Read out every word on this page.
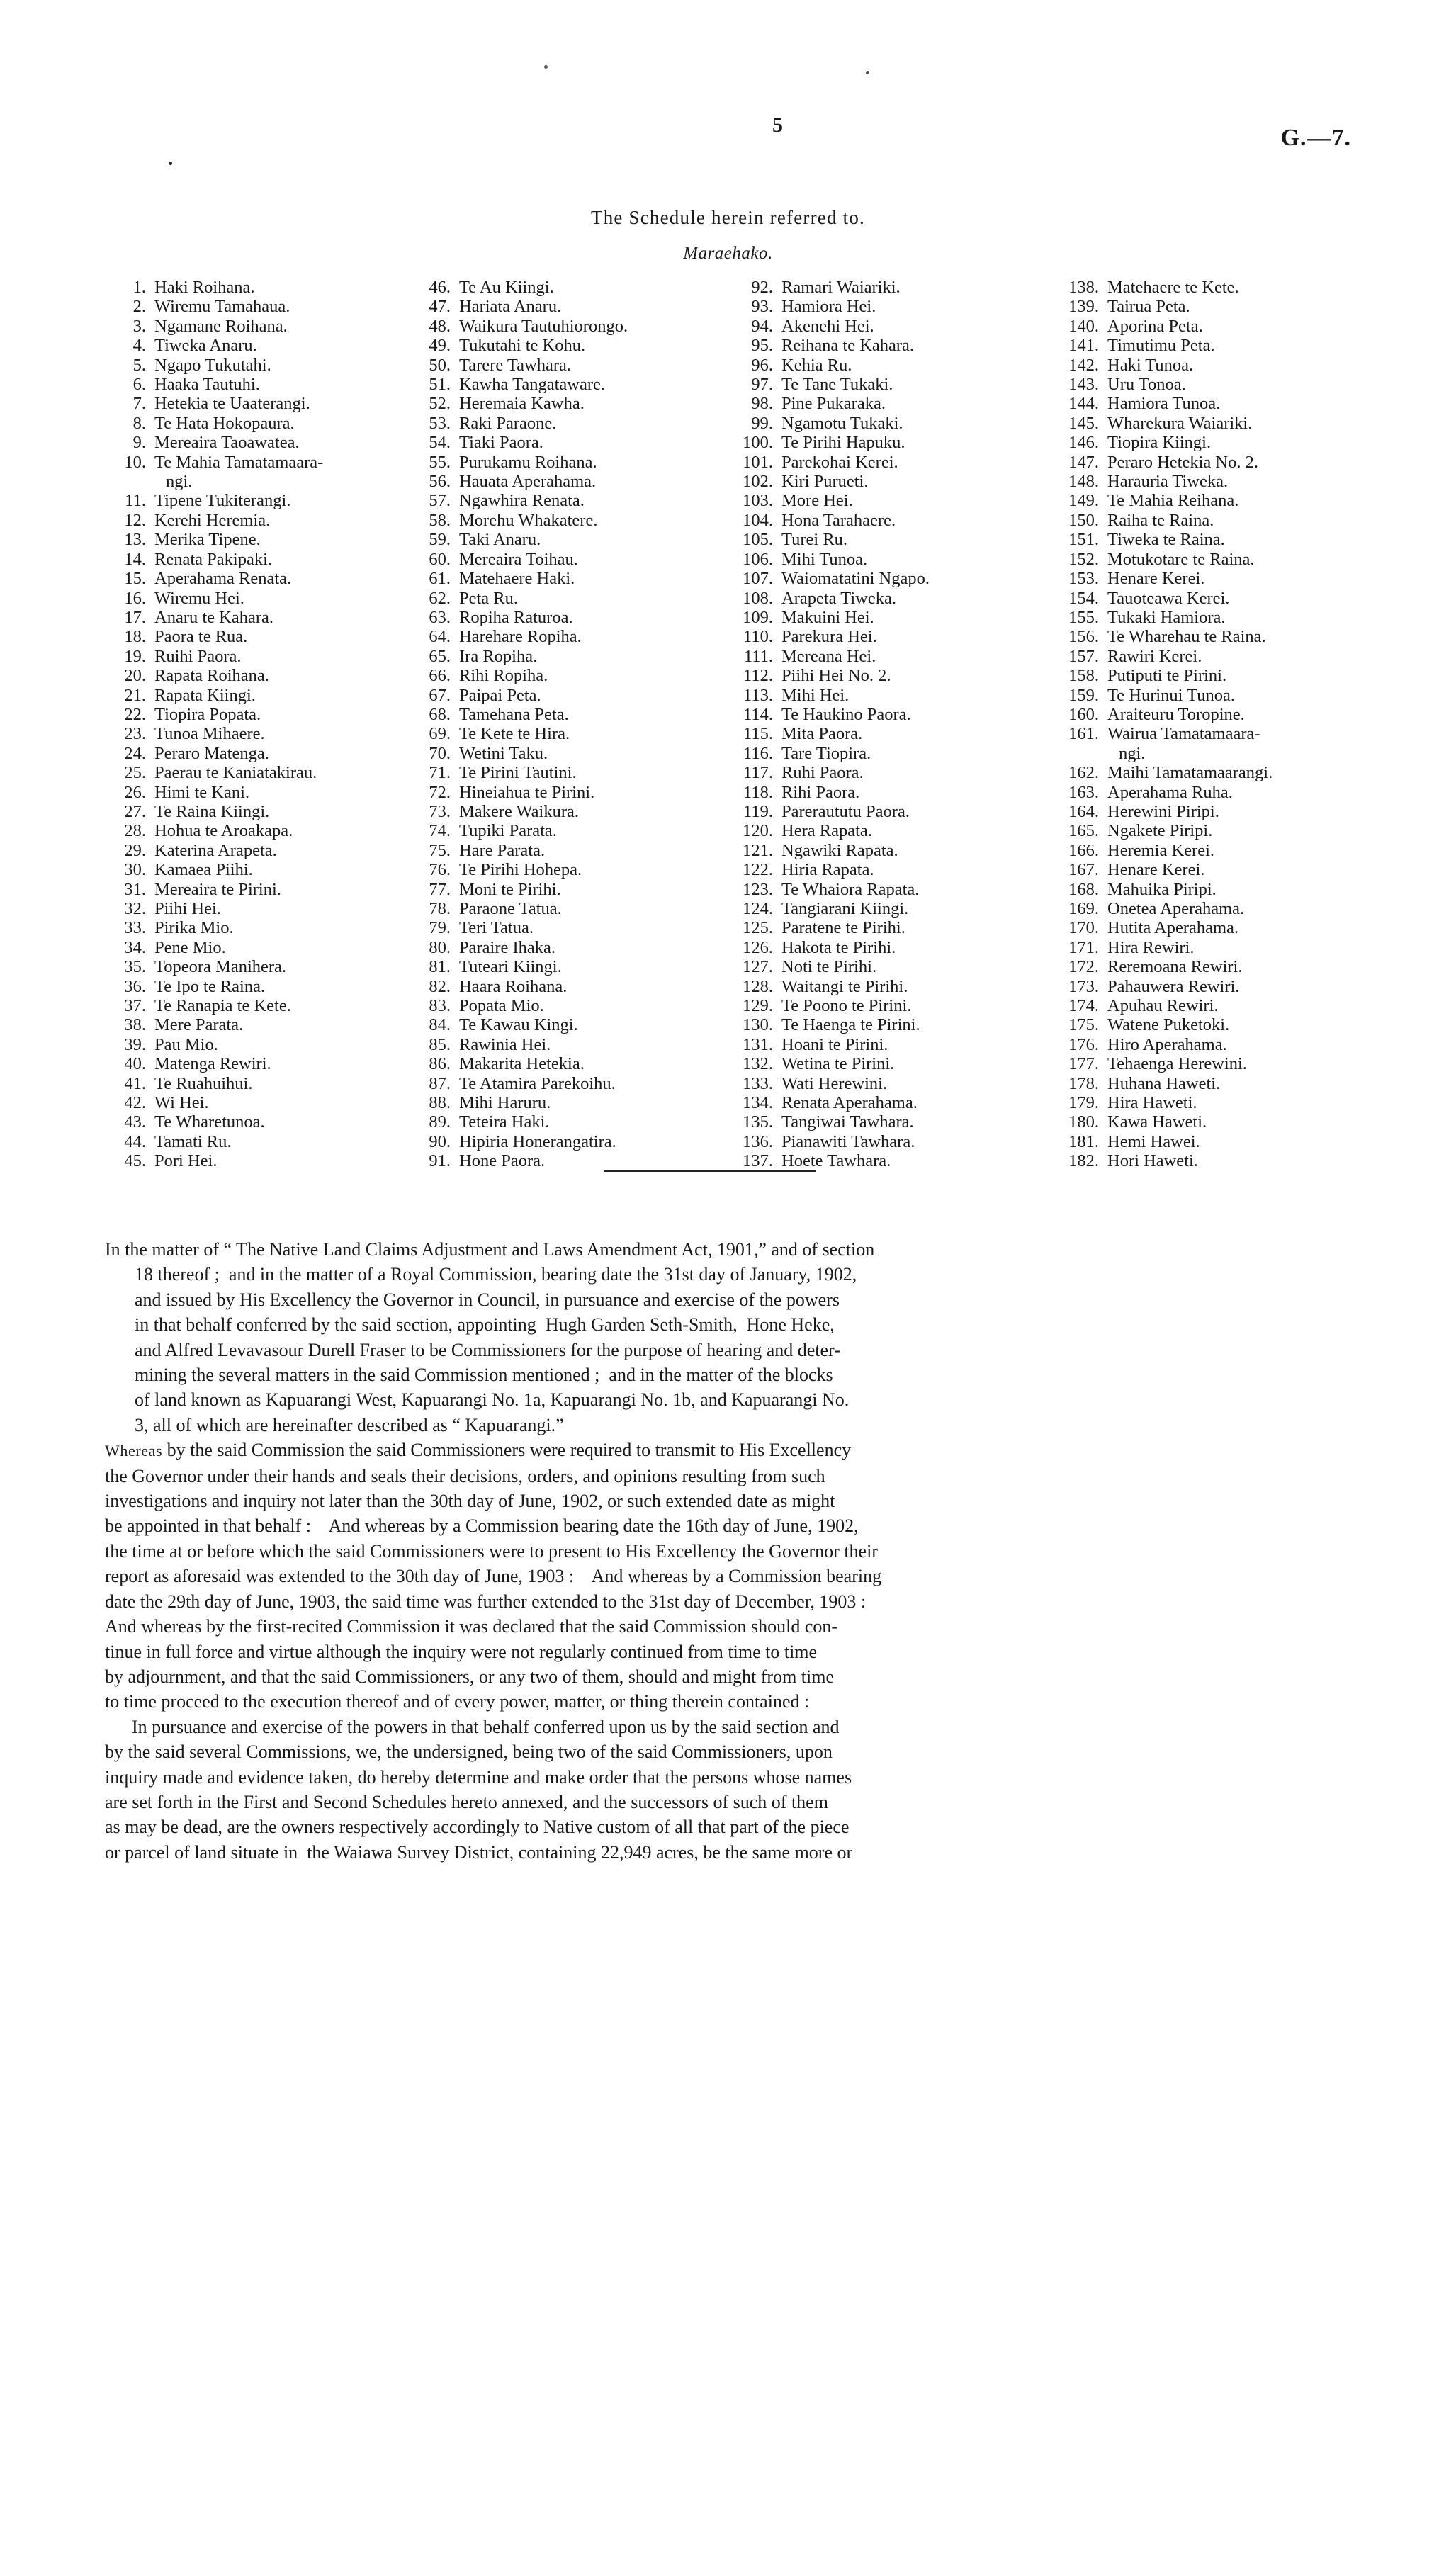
5	G.—7.
The Schedule herein referred to.
Maraehako.
1. Haki Roihana.
2. Wiremu Tamahaua.
3. Ngamane Roihana.
4. Tiweka Anaru.
5. Ngapo Tukutahi.
6. Haaka Tautuhi.
7. Hetekia te Uaaterangi.
8. Te Hata Hokopaura.
9. Mereaira Taoawatea.
10. Te Mahia Tamatamaara-
ngi.
11. Tipene Tukiterangi.
12. Kerehi Heremia.
13. Merika Tipene.
14. Renata Pakipaki.
15. Aperahama Renata.
16. Wiremu Hei.
17. Anaru te Kahara.
18. Paora te Rua.
19. Ruihi Paora.
20. Rapata Roihana.
21. Rapata Kiingi.
22. Tiopira Popata.
23. Tunoa Mihaere.
24. Peraro Matenga.
25. Paerau te Kaniatakirau.
26. Himi te Kani.
27. Te Raina Kiingi.
28. Hohua te Aroakapa.
29. Katerina Arapeta.
30. Kamaea Piihi.
31. Mereaira te Pirini.
32. Piihi Hei.
33. Pirika Mio.
34. Pene Mio.
35. Topeora Manihera.
36. Te Ipo te Raina.
37. Te Ranapia te Kete.
38. Mere Parata.
39. Pau Mio.
40. Matenga Rewiri.
41. Te Ruahuihui.
42. Wi Hei.
43. Te Wharetunoa.
44. Tamati Ru.
45. Pori Hei.
46. Te Au Kiingi.
47. Hariata Anaru.
48. Waikura Tautuhiorongo.
49. Tukutahi te Kohu.
50. Tarere Tawhara.
51. Kawha Tangataware.
52. Heremaia Kawha.
53. Raki Paraone.
54. Tiaki Paora.
55. Purukamu Roihana.
56. Hauata Aperahama.
57. Ngawhira Renata.
58. Morehu Whakatere.
59. Taki Anaru.
60. Mereaira Toihau.
61. Matehaere Haki.
62. Peta Ru.
63. Ropiha Raturoa.
64. Harehare Ropiha.
65. Ira Ropiha.
66. Rihi Ropiha.
67. Paipai Peta.
68. Tamehana Peta.
69. Te Kete te Hira.
70. Wetini Taku.
71. Te Pirini Tautini.
72. Hineiahua te Pirini.
73. Makere Waikura.
74. Tupiki Parata.
75. Hare Parata.
76. Te Pirihi Hohepa.
77. Moni te Pirihi.
78. Paraone Tatua.
79. Teri Tatua.
80. Paraire Ihaka.
81. Tuteari Kiingi.
82. Haara Roihana.
83. Popata Mio.
84. Te Kawau Kingi.
85. Rawinia Hei.
86. Makarita Hetekia.
87. Te Atamira Parekoihu.
88. Mihi Haruru.
89. Teteira Haki.
90. Hipiria Honerangatira.
91. Hone Paora.
92. Ramari Waiariki.
93. Hamiora Hei.
94. Akenehi Hei.
95. Reihana te Kahara.
96. Kehia Ru.
97. Te Tane Tukaki.
98. Pine Pukaraka.
99. Ngamotu Tukaki.
100. Te Pirihi Hapuku.
101. Parekohai Kerei.
102. Kiri Purueti.
103. More Hei.
104. Hona Tarahaere.
105. Turei Ru.
106. Mihi Tunoa.
107. Waiomatatini Ngapo.
108. Arapeta Tiweka.
109. Makuini Hei.
110. Parekura Hei.
111. Mereana Hei.
112. Piihi Hei No. 2.
113. Mihi Hei.
114. Te Haukino Paora.
115. Mita Paora.
116. Tare Tiopira.
117. Ruhi Paora.
118. Rihi Paora.
119. Pareraututu Paora.
120. Hera Rapata.
121. Ngawiki Rapata.
122. Hiria Rapata.
123. Te Whaiora Rapata.
124. Tangiarani Kiingi.
125. Paratene te Pirihi.
126. Hakota te Pirihi.
127. Noti te Pirihi.
128. Waitangi te Pirihi.
129. Te Poono te Pirini.
130. Te Haenga te Pirini.
131. Hoani te Pirini.
132. Wetina te Pirini.
133. Wati Herewini.
134. Renata Aperahama.
135. Tangiwai Tawhara.
136. Pianawiti Tawhara.
137. Hoete Tawhara.
138. Matehaere te Kete.
139. Tairua Peta.
140. Aporina Peta.
141. Timutimu Peta.
142. Haki Tunoa.
143. Uru Tonoa.
144. Hamiora Tunoa.
145. Wharekura Waiariki.
146. Tiopira Kiingi.
147. Peraro Hetekia No. 2.
148. Harauria Tiweka.
149. Te Mahia Reihana.
150. Raiha te Raina.
151. Tiweka te Raina.
152. Motukotare te Raina.
153. Henare Kerei.
154. Tauoteawa Kerei.
155. Tukaki Hamiora.
156. Te Wharehau te Raina.
157. Rawiri Kerei.
158. Putiputi te Pirini.
159. Te Hurinui Tunoa.
160. Araiteuru Toropine.
161. Wairua Tamatamaara-
ngi.
162. Maihi Tamatamaarangi.
163. Aperahama Ruha.
164. Herewini Piripi.
165. Ngakete Piripi.
166. Heremia Kerei.
167. Henare Kerei.
168. Mahuika Piripi.
169. Onetea Aperahama.
170. Hutita Aperahama.
171. Hira Rewiri.
172. Reremoana Rewiri.
173. Pahauwera Rewiri.
174. Apuhau Rewiri.
175. Watene Puketoki.
176. Hiro Aperahama.
177. Tehaenga Herewini.
178. Huhana Haweti.
179. Hira Haweti.
180. Kawa Haweti.
181. Hemi Hawei.
182. Hori Haweti.

In the matter of “ The Native Land Claims Adjustment and Laws Amendment Act, 1901,” and of section
18 thereof ;  and in the matter of a Royal Commission, bearing date the 31st day of January, 1902,
and issued by His Excellency the Governor in Council, in pursuance and exercise of the powers
in that behalf conferred by the said section, appointing  Hugh Garden Seth-Smith,  Hone Heke,
and Alfred Levavasour Durell Fraser to be Commissioners for the purpose of hearing and deter-
mining the several matters in the said Commission mentioned ;  and in the matter of the blocks
of land known as Kapuarangi West, Kapuarangi No. 1a, Kapuarangi No. 1b, and Kapuarangi No.
3, all of which are hereinafter described as “ Kapuarangi.”

Whereas by the said Commission the said Commissioners were required to transmit to His Excellency
the Governor under their hands and seals their decisions, orders, and opinions resulting from such
investigations and inquiry not later than the 30th day of June, 1902, or such extended date as might
be appointed in that behalf :    And whereas by a Commission bearing date the 16th day of June, 1902,
the time at or before which the said Commissioners were to present to His Excellency the Governor their
report as aforesaid was extended to the 30th day of June, 1903 :    And whereas by a Commission bearing
date the 29th day of June, 1903, the said time was further extended to the 31st day of December, 1903 :
And whereas by the first-recited Commission it was declared that the said Commission should con-
tinue in full force and virtue although the inquiry were not regularly continued from time to time
by adjournment, and that the said Commissioners, or any two of them, should and might from time
to time proceed to the execution thereof and of every power, matter, or thing therein contained :

In pursuance and exercise of the powers in that behalf conferred upon us by the said section and
by the said several Commissions, we, the undersigned, being two of the said Commissioners, upon
inquiry made and evidence taken, do hereby determine and make order that the persons whose names
are set forth in the First and Second Schedules hereto annexed, and the successors of such of them
as may be dead, are the owners respectively accordingly to Native custom of all that part of the piece
or parcel of land situate in  the Waiawa Survey District, containing 22,949 acres, be the same more or
